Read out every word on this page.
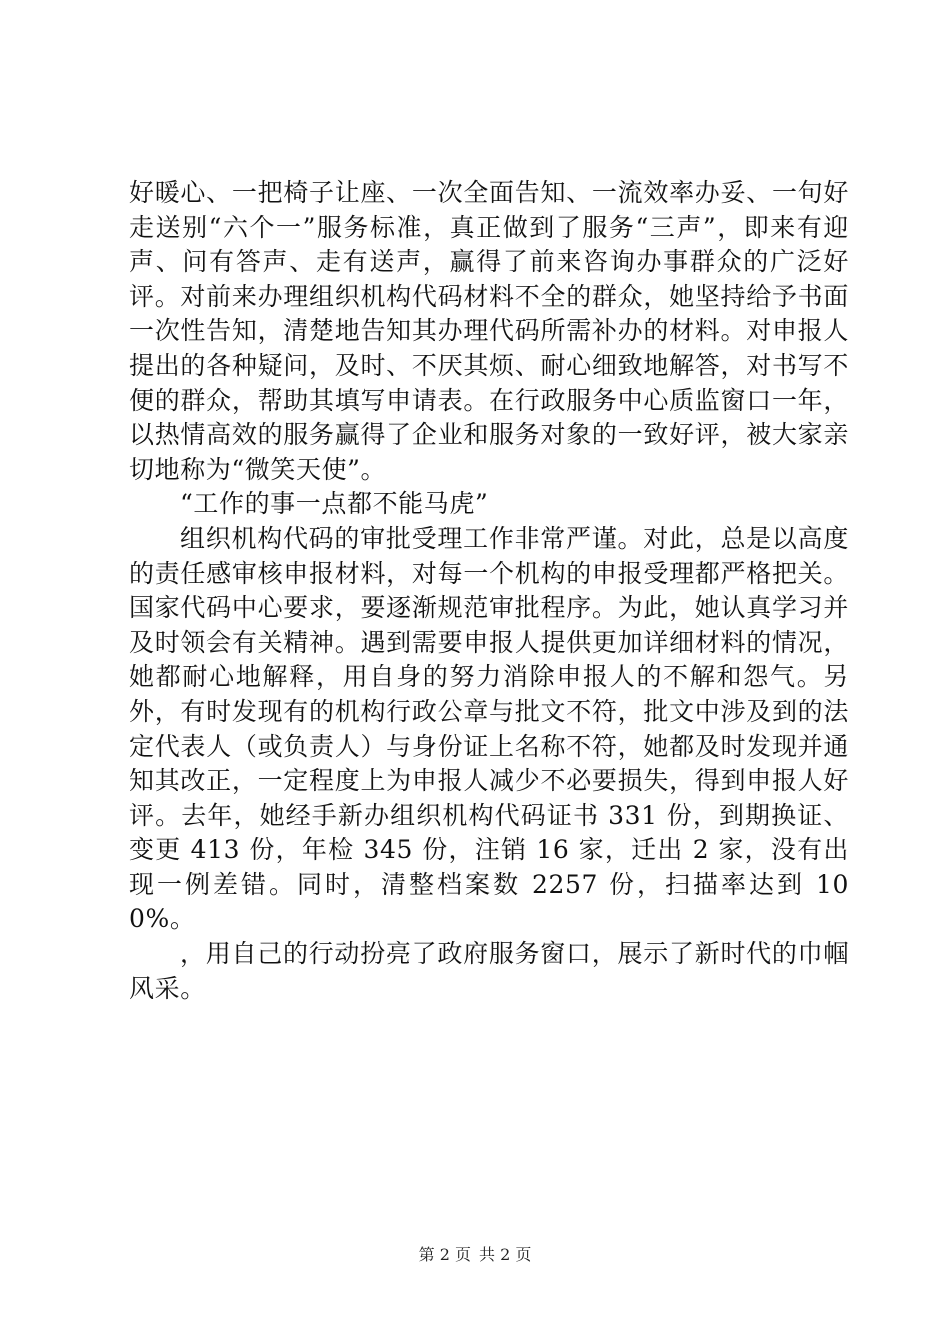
好暖心、一把椅子让座、一次全面告知、一流效率办妥、一句好走送别“六个一”服务标准，真正做到了服务“三声”，即来有迎声、问有答声、走有送声，赢得了前来咨询办事群众的广泛好评。对前来办理组织机构代码材料不全的群众，她坚持给予书面一次性告知，清楚地告知其办理代码所需补办的材料。对申报人提出的各种疑问，及时、不厌其烦、耐心细致地解答，对书写不便的群众，帮助其填写申请表。在行政服务中心质监窗口一年，以热情高效的服务赢得了企业和服务对象的一致好评，被大家亲切地称为“微笑天使”。

“工作的事一点都不能马虎”

组织机构代码的审批受理工作非常严谨。对此，总是以高度的责任感审核申报材料，对每一个机构的申报受理都严格把关。国家代码中心要求，要逐渐规范审批程序。为此，她认真学习并及时领会有关精神。遇到需要申报人提供更加详细材料的情况，她都耐心地解释，用自身的努力消除申报人的不解和怨气。另外，有时发现有的机构行政公章与批文不符，批文中涉及到的法定代表人（或负责人）与身份证上名称不符，她都及时发现并通知其改正，一定程度上为申报人减少不必要损失，得到申报人好评。去年，她经手新办组织机构代码证书 331 份，到期换证、变更 413 份，年检 345 份，注销 16 家，迁出 2 家，没有出现一例差错。同时，清整档案数 2257 份，扫描率达到 100%。

，用自己的行动扮亮了政府服务窗口，展示了新时代的巾帼风采。

第 2 页 共 2 页
